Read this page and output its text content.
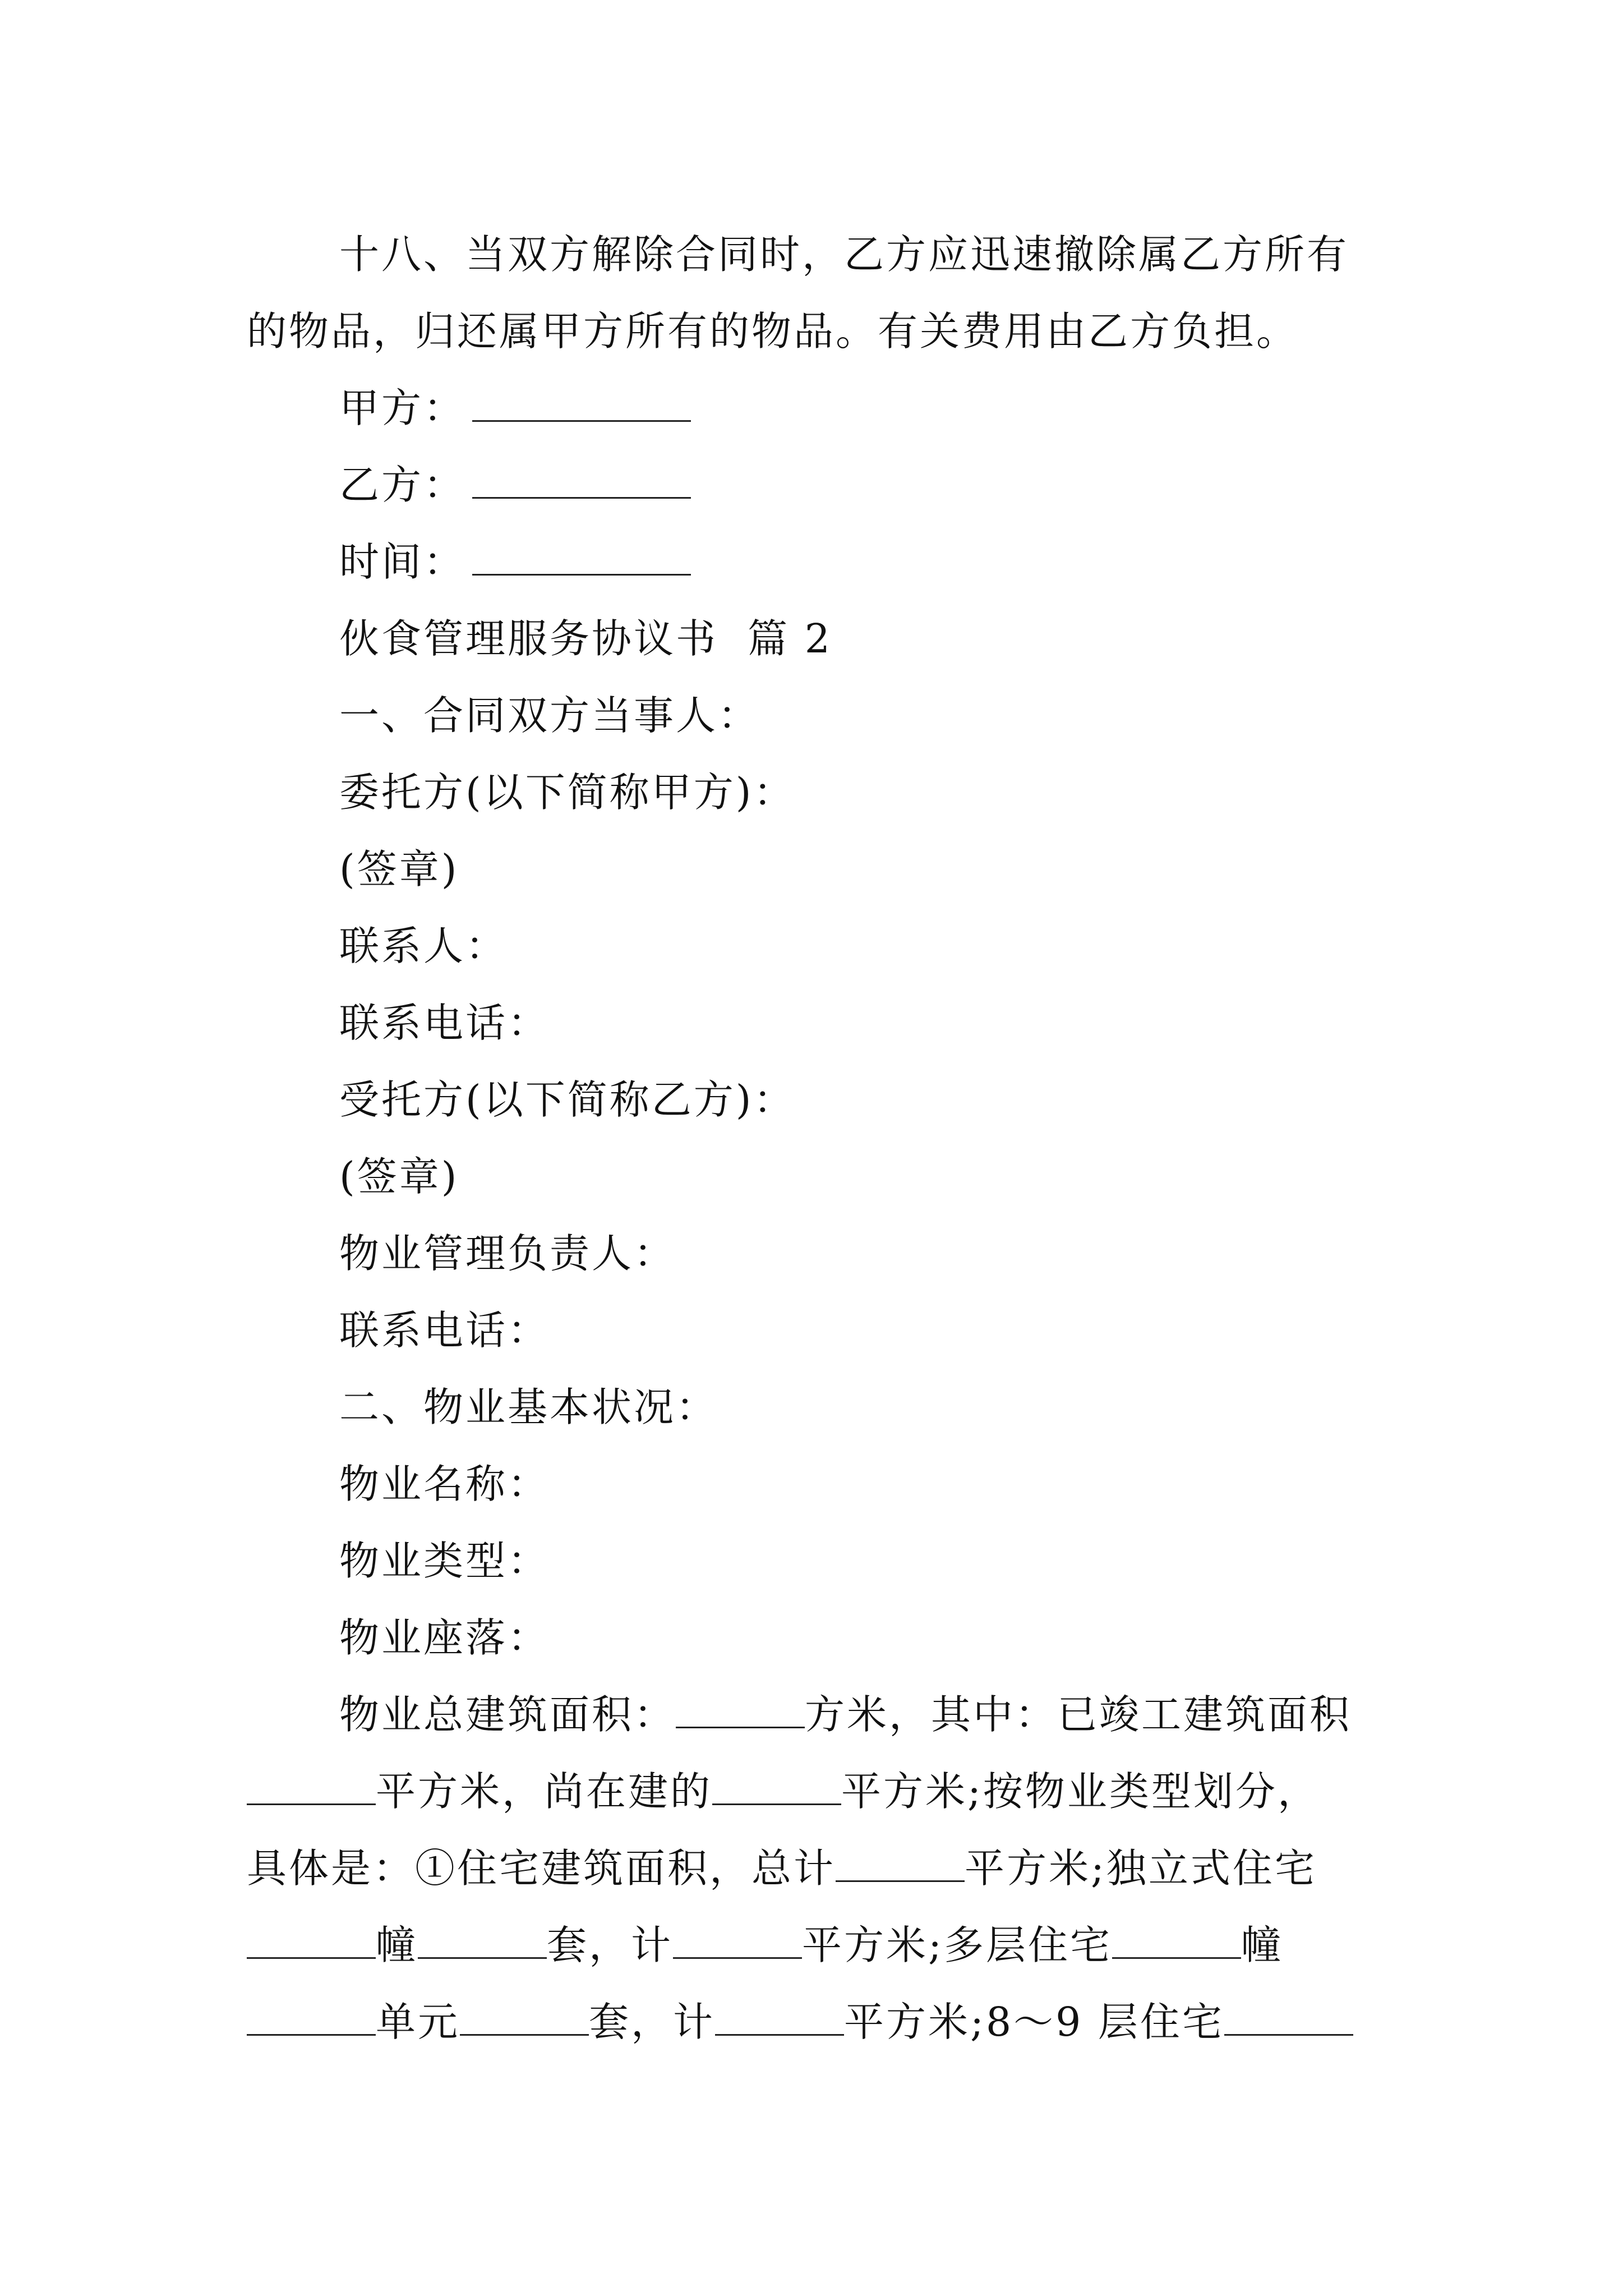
十八、当双方解除合同时，乙方应迅速撤除属乙方所有
的物品，归还属甲方所有的物品。有关费用由乙方负担。
甲方：
乙方：
时间：
伙食管理服务协议书  篇 2
一、合同双方当事人：
委托方(以下简称甲方)：
(签章)
联系人：
联系电话：
受托方(以下简称乙方)：
(签章)
物业管理负责人：
联系电话：
二、物业基本状况：
物业名称：
物业类型：
物业座落：
物业总建筑面积：	方米，其中：已竣工建筑面积
平方米，尚在建的	平方米;按物业类型划分，
具体是：①住宅建筑面积，总计	平方米;独立式住宅
幢	套，计	平方米;多层住宅	幢
单元	套，计	平方米;8～9 层住宅
